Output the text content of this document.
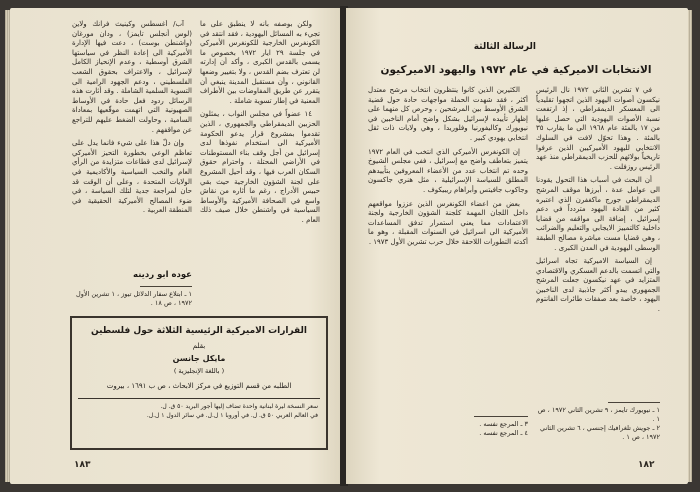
آب/ أغسطس وكينيث فرانك ولاين (لوس أنجلس تايمز) ، ودان مورغان (واشنطن بوست) ، دعت فيها الإدارة الأميركية الى إعادة النظر في سياستها الشرق أوسطية ، وعدم الإنحياز الكامل لإسرائيل ، والاعتراف بحقوق الشعب الفلسطيني ، ودعم الجهود الرامية الى التسوية السلمية الشاملة . وقد أثارت هذه الرسائل ردود فعل حادة في الأوساط الصهيونية التي اتهمت موقّعيها بمعاداة السامية ، وحاولت الضغط عليهم للتراجع عن مواقفهم .

وإن دلّ هذا على شيء فانما يدل على تعاظم الوعي بخطورة التحيز الأميركي لإسرائيل لدى قطاعات متزايدة من الرأي العام والنخب السياسية والأكاديمية في الولايات المتحدة ، وعلى أن الوقت قد حان لمراجعة جدية لتلك السياسة ، في ضوء المصالح الأميركية الحقيقية في المنطقة العربية .

ولكن بوصفه بأنه لا ينطبق على ما تجيء به المسائل اليهودية ، فقد انتقد في الكونغرس الخارجية للكونغرس الأميركي في جلسة ٢٩ ايار ١٩٧٢ بخصوص ما يسمى بالقدس الكبرى ، وأكد أن إدارته لن تعترف بضم القدس ، ولا بتغيير وضعها القانوني ، وأن مستقبل المدينة ينبغي أن يتقرر عن طريق المفاوضات بين الأطراف المعنية في إطار تسوية شاملة .

١٤ عضواً في مجلس النواب ، يمثلون الحزبين الديمقراطي والجمهوري ، الذين تقدموا بمشروع قرار يدعو الحكومة الأميركية الى استخدام نفوذها لدى إسرائيل من أجل وقف بناء المستوطنات في الأراضي المحتلة ، واحترام حقوق السكان العرب فيها ، وقد أحيل المشروع على لجنة الشؤون الخارجية حيث بقي حبيس الأدراج ، رغم ما أثاره من نقاش واسع في الصحافة الأميركية والأوساط السياسية في واشنطن خلال صيف ذلك العام .

عوده ابو ردينه
١ ـ ابتلاع سفار الدلائل تيوز ، ١ تشرين الأول ١٩٧٢ ، ص ١٨ .
القرارات الاميركية الرئيسية الثلاثة حول فلسطين
بقلم
مايكل جانسن
( باللغة الإنجليزية )
الطلبه من قسم التوزيع في مركز الابحاث ، ص ب ١٦٩١ ، بيروت
سعر النسخة ليرة لبنانية واحدة تضاف إليها أجور البريد ٥٠ ق. ل.
في العالم العربي ٥٠ ق. ل. في أوروبا ١ ل.ل. في سائر الدول ١ ل.ل.
١٨٣
الرسالة الثالثة
الانتخابات الاميركية في عام ١٩٧٢ واليهود الاميركيون

في ٧ تشرين الثاني ١٩٧٢ نال الرئيس نيكسون أصوات اليهود الذين اتجهوا تقليدياً الى المعسكر الديمقراطي ، إذ ارتفعت نسبة الأصوات اليهودية التي حصل عليها من ١٧ بالمئة عام ١٩٦٨ الى ما يقارب ٣٥ بالمئة . وهذا تحوّل لافت في السلوك الانتخابي لليهود الأميركيين الذين عرفوا تاريخياً بولائهم للحزب الديمقراطي منذ عهد الرئيس روزفلت .

أن البحث في أسباب هذا التحول يقودنا الى عوامل عدة ، أبرزها موقف المرشح الديمقراطي جورج ماكغفرن الذي اعتبره كثير من القادة اليهود متردداً في دعم إسرائيل ، إضافة الى مواقفه من قضايا داخلية كالتمييز الايجابي والتعليم والضرائب ، وهي قضايا مست مباشرة مصالح الطبقة الوسطى اليهودية في المدن الكبرى .

إن السياسة الاميركية تجاه اسرائيل والتي اتسمت بالدعم العسكري والاقتصادي المتزايد في عهد نيكسون جعلت المرشح الجمهوري يبدو أكثر جاذبية لدى الناخبين اليهود ، خاصة بعد صفقات طائرات الفانتوم .

الكثيرين الذين كانوا ينتظرون انتخاب مرشح معتدل أكثر ، فقد شهدت الحملة مواجهات حادة حول قضية الشرق الأوسط بين المرشحين ، وحرص كل منهما على إظهار تأييده لإسرائيل بشكل واضح أمام الناخبين في نيويورك وكاليفورنيا وفلوريدا ، وهي ولايات ذات ثقل انتخابي يهودي كبير .

إن الكونغرس الأميركي الذي انتخب في العام ١٩٧٢ يتميز بتعاطف واضح مع إسرائيل ، ففي مجلس الشيوخ وحده تم انتخاب عدد من الأعضاء المعروفين بتأييدهم المطلق للسياسة الإسرائيلية ، مثل هنري جاكسون وجاكوب جافيتس وأبراهام ريبيكوف .

بعض من اعضاء الكونغرس الذين عززوا مواقعهم داخل اللجان المهمة كلجنة الشؤون الخارجية ولجنة الاعتمادات مما يعني استمرار تدفق المساعدات الأميركية الى اسرائيل في السنوات المقبلة ، وهو ما أكدته التطورات اللاحقة خلال حرب تشرين الأول ١٩٧٣ .

٣ ـ المرجع نفسه .
٤ ـ المرجع نفسه .
١ ـ نيويورك تايمز ، ٩ تشرين الثاني ١٩٧٢ ، ص ١ .
٢ ـ جويش تلغرافيك إجنسي ، ٦ تشرين الثاني ١٩٧٢ ، ص ١ .
١٨٢
